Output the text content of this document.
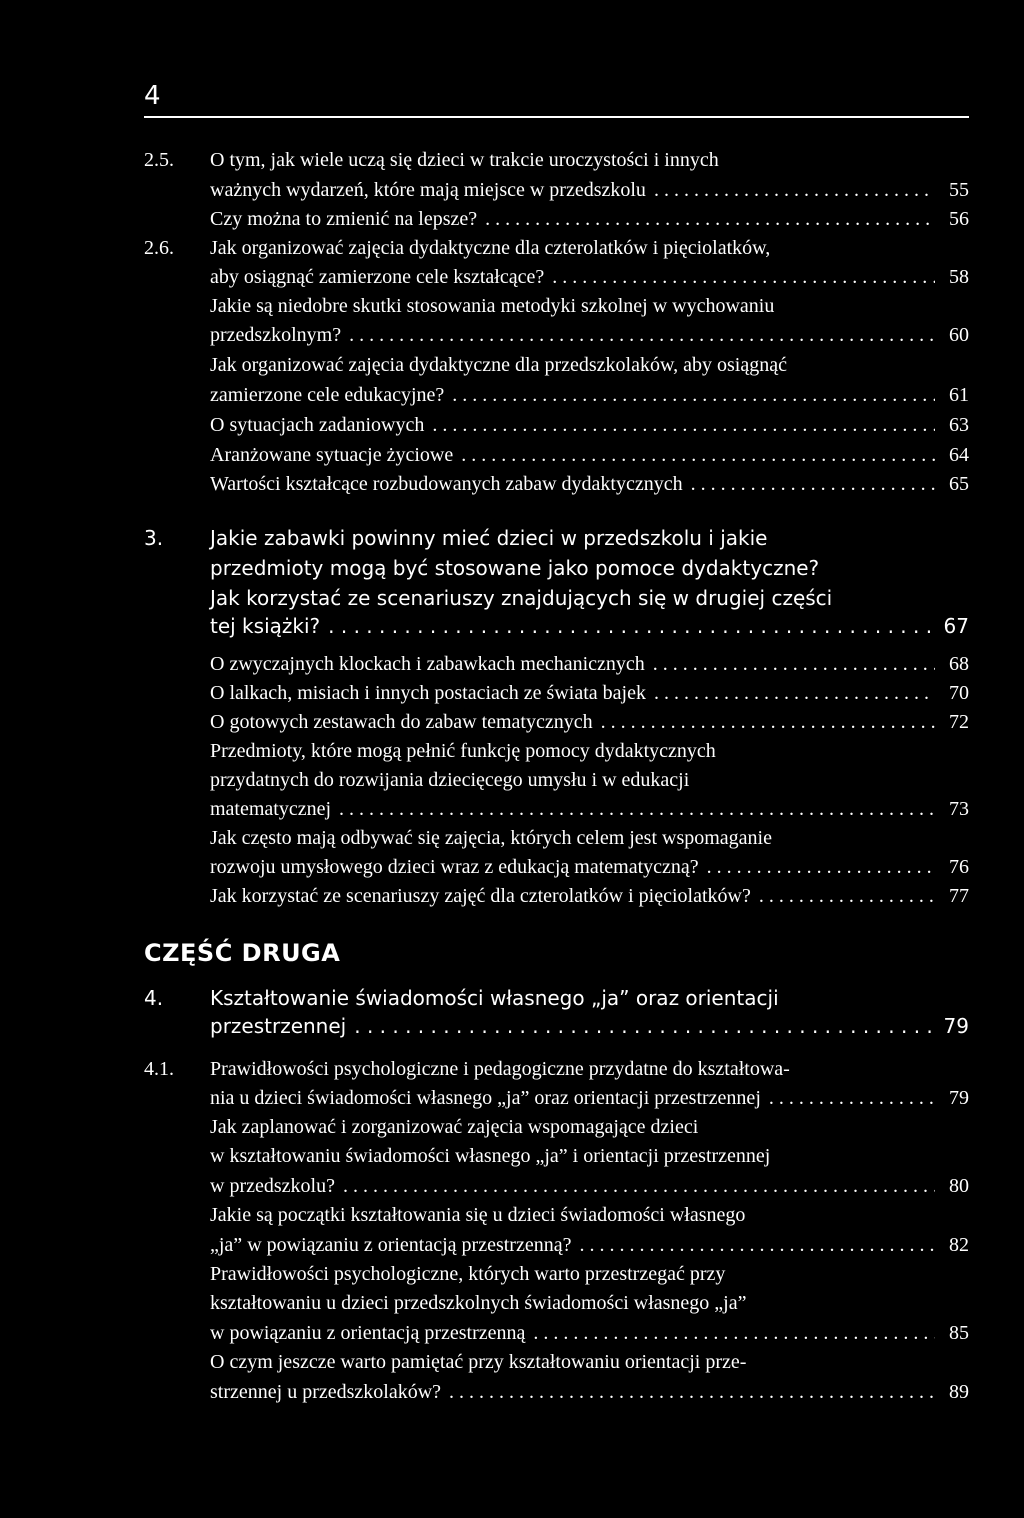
4
2.5. O tym, jak wiele uczą się dzieci w trakcie uroczystości i innych
ważnych wydarzeń, które mają miejsce w przedszkolu . . .	55
Czy można to zmienić na lepsze? . . .	56
2.6. Jak organizować zajęcia dydaktyczne dla czterolatków i pięciolatków,
aby osiągnąć zamierzone cele kształcące? . . .	58
Jakie są niedobre skutki stosowania metodyki szkolnej w wychowaniu
przedszkolnym? . . .	60
Jak organizować zajęcia dydaktyczne dla przedszkolaków, aby osiągnąć
zamierzone cele edukacyjne? . . .	61
O sytuacjach zadaniowych . . .	63
Aranżowane sytuacje życiowe . . .	64
Wartości kształcące rozbudowanych zabaw dydaktycznych . . .	65
3. Jakie zabawki powinny mieć dzieci w przedszkolu i jakie
przedmioty mogą być stosowane jako pomoce dydaktyczne?
Jak korzystać ze scenariuszy znajdujących się w drugiej części
tej książki? . . .	67
O zwyczajnych klockach i zabawkach mechanicznych . . .	68
O lalkach, misiach i innych postaciach ze świata bajek . . .	70
O gotowych zestawach do zabaw tematycznych . . .	72
Przedmioty, które mogą pełnić funkcję pomocy dydaktycznych
przydatnych do rozwijania dziecięcego umysłu i w edukacji
matematycznej . . .	73
Jak często mają odbywać się zajęcia, których celem jest wspomaganie
rozwoju umysłowego dzieci wraz z edukacją matematyczną? . . .	76
Jak korzystać ze scenariuszy zajęć dla czterolatków i pięciolatków? . . .	77
CZĘŚĆ DRUGA
4. Kształtowanie świadomości własnego „ja” oraz orientacji
przestrzennej . . .	79
4.1. Prawidłowości psychologiczne i pedagogiczne przydatne do kształtowa-
nia u dzieci świadomości własnego „ja” oraz orientacji przestrzennej . . .	79
Jak zaplanować i zorganizować zajęcia wspomagające dzieci
w kształtowaniu świadomości własnego „ja” i orientacji przestrzennej
w przedszkolu? . . .	80
Jakie są początki kształtowania się u dzieci świadomości własnego
„ja” w powiązaniu z orientacją przestrzenną? . . .	82
Prawidłowości psychologiczne, których warto przestrzegać przy
kształtowaniu u dzieci przedszkolnych świadomości własnego „ja”
w powiązaniu z orientacją przestrzenną . . .	85
O czym jeszcze warto pamiętać przy kształtowaniu orientacji prze-
strzennej u przedszkolaków? . . .	89
